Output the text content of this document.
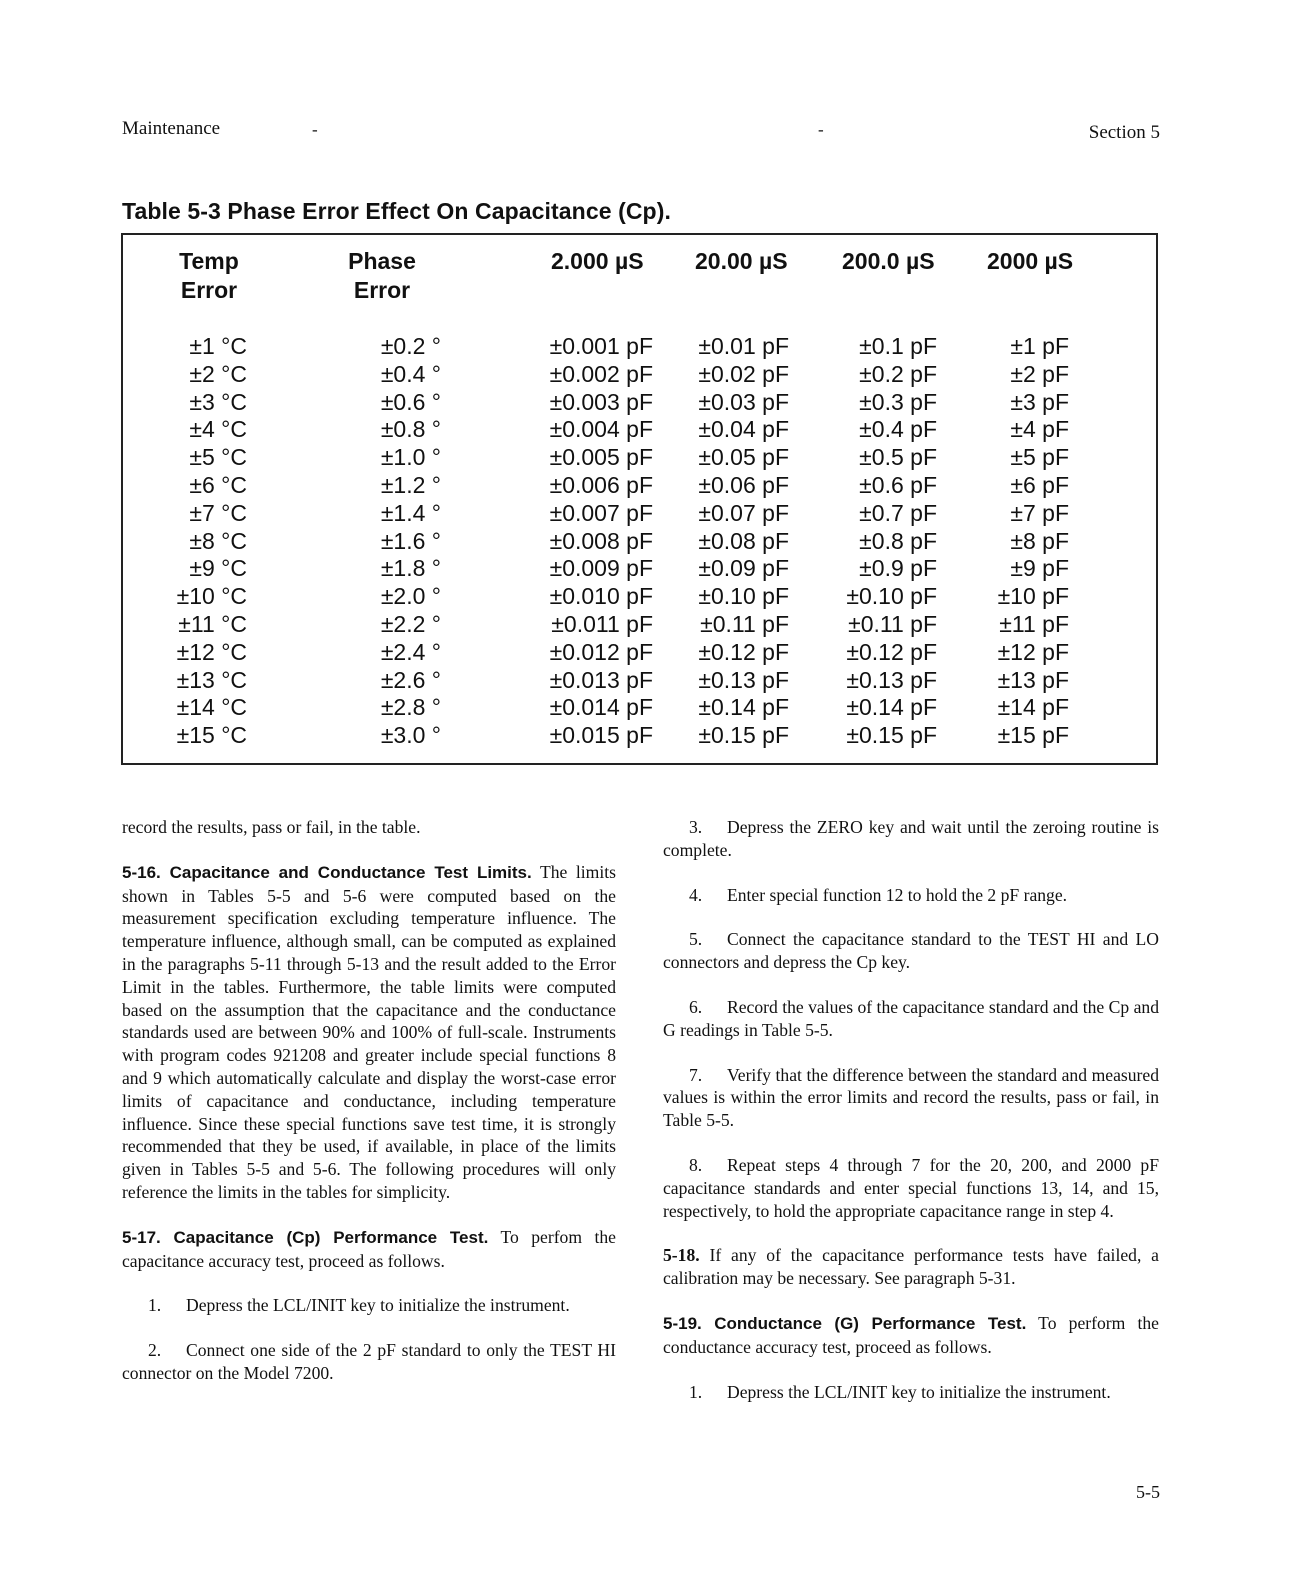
Maintenance	-	-	Section 5
Table 5-3 Phase Error Effect On Capacitance (Cp).
Temp
Error
Phase
Error
2.000 µS 20.00 µS 200.0 µS 2000 µS
±1 °C	±0.2 °	±0.001 pF	±0.01 pF	±0.1 pF	±1 pF
±2 °C	±0.4 °	±0.002 pF	±0.02 pF	±0.2 pF	±2 pF
±3 °C	±0.6 °	±0.003 pF	±0.03 pF	±0.3 pF	±3 pF
±4 °C	±0.8 °	±0.004 pF	±0.04 pF	±0.4 pF	±4 pF
±5 °C	±1.0 °	±0.005 pF	±0.05 pF	±0.5 pF	±5 pF
±6 °C	±1.2 °	±0.006 pF	±0.06 pF	±0.6 pF	±6 pF
±7 °C	±1.4 °	±0.007 pF	±0.07 pF	±0.7 pF	±7 pF
±8 °C	±1.6 °	±0.008 pF	±0.08 pF	±0.8 pF	±8 pF
±9 °C	±1.8 °	±0.009 pF	±0.09 pF	±0.9 pF	±9 pF
±10 °C	±2.0 °	±0.010 pF	±0.10 pF	±0.10 pF	±10 pF
±11 °C	±2.2 °	±0.011 pF	±0.11 pF	±0.11 pF	±11 pF
±12 °C	±2.4 °	±0.012 pF	±0.12 pF	±0.12 pF	±12 pF
±13 °C	±2.6 °	±0.013 pF	±0.13 pF	±0.13 pF	±13 pF
±14 °C	±2.8 °	±0.014 pF	±0.14 pF	±0.14 pF	±14 pF
±15 °C	±3.0 °	±0.015 pF	±0.15 pF	±0.15 pF	±15 pF

record the results, pass or fail, in the table.

5-16. Capacitance and Conductance Test Limits. The limits shown in Tables 5-5 and 5-6 were computed based on the measurement specification excluding temperature influence. The temperature influence, although small, can be computed as explained in the paragraphs 5-11 through 5-13 and the result added to the Error Limit in the tables. Furthermore, the table limits were computed based on the assumption that the capacitance and the conductance standards used are between 90% and 100% of full-scale. Instruments with program codes 921208 and greater include special functions 8 and 9 which automatically calculate and display the worst-case error limits of capacitance and conductance, including temperature influence. Since these special functions save test time, it is strongly recommended that they be used, if available, in place of the limits given in Tables 5-5 and 5-6. The following procedures will only reference the limits in the tables for simplicity.

5-17. Capacitance (Cp) Performance Test. To perfom the capacitance accuracy test, proceed as follows.

1. Depress the LCL/INIT key to initialize the instrument.

2. Connect one side of the 2 pF standard to only the TEST HI connector on the Model 7200.

3. Depress the ZERO key and wait until the zeroing routine is complete.

4. Enter special function 12 to hold the 2 pF range.

5. Connect the capacitance standard to the TEST HI and LO connectors and depress the Cp key.

6. Record the values of the capacitance standard and the Cp and G readings in Table 5-5.

7. Verify that the difference between the standard and measured values is within the error limits and record the results, pass or fail, in Table 5-5.

8. Repeat steps 4 through 7 for the 20, 200, and 2000 pF capacitance standards and enter special functions 13, 14, and 15, respectively, to hold the appropriate capacitance range in step 4.

5-18. If any of the capacitance performance tests have failed, a calibration may be necessary. See paragraph 5-31.

5-19. Conductance (G) Performance Test. To perform the conductance accuracy test, proceed as follows.

1. Depress the LCL/INIT key to initialize the instrument.

5-5
